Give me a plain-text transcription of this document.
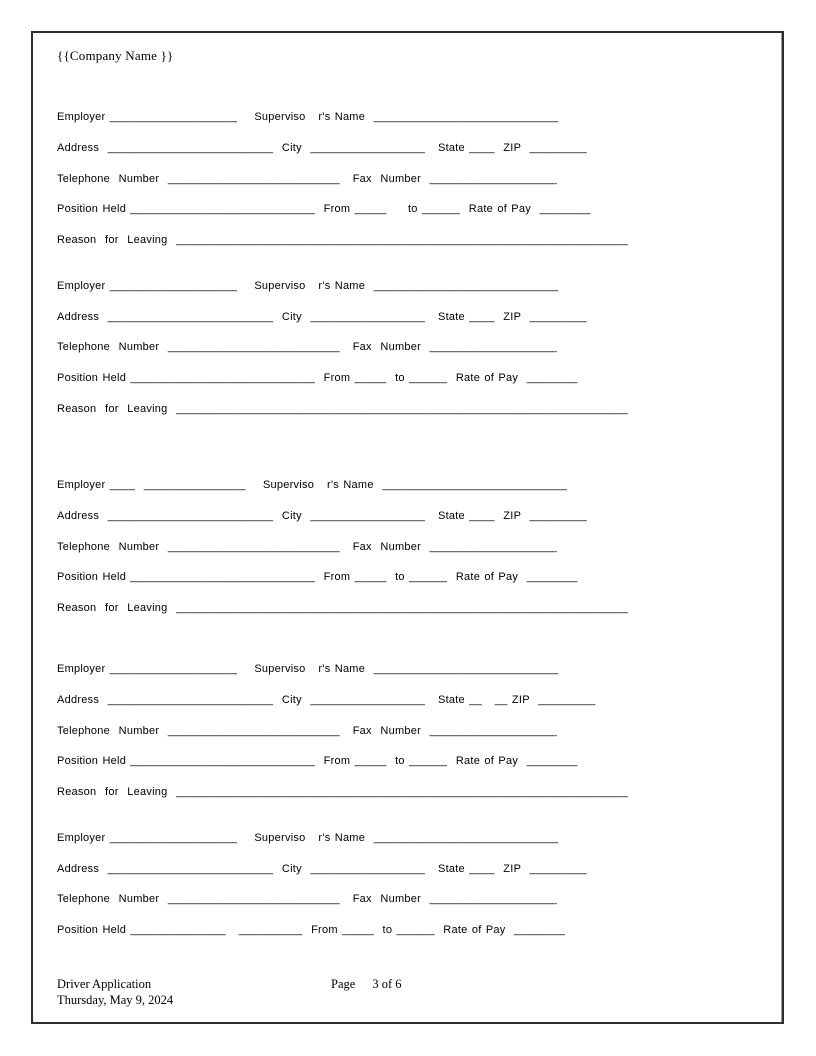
{{Company Name }}
Employer ____________________    Superviso   r's Name  _____________________________
Address  __________________________  City  __________________   State ____  ZIP  _________
Telephone  Number  ___________________________   Fax  Number  ____________________
Position Held _____________________________  From _____     to ______  Rate of Pay  ________
Reason  for  Leaving  _______________________________________________________________________
Employer ____________________    Superviso   r's Name  _____________________________
Address  __________________________  City  __________________   State ____  ZIP  _________
Telephone  Number  ___________________________   Fax  Number  ____________________
Position Held _____________________________  From _____  to ______  Rate of Pay  ________
Reason  for  Leaving  _______________________________________________________________________
Employer ____  ________________    Superviso   r's Name  _____________________________
Address  __________________________  City  __________________   State ____  ZIP  _________
Telephone  Number  ___________________________   Fax  Number  ____________________
Position Held _____________________________  From _____  to ______  Rate of Pay  ________
Reason  for  Leaving  _______________________________________________________________________
Employer ____________________    Superviso   r's Name  _____________________________
Address  __________________________  City  __________________   State __   __ ZIP  _________
Telephone  Number  ___________________________   Fax  Number  ____________________
Position Held _____________________________  From _____  to ______  Rate of Pay  ________
Reason  for  Leaving  _______________________________________________________________________
Employer ____________________    Superviso   r's Name  _____________________________
Address  __________________________  City  __________________   State ____  ZIP  _________
Telephone  Number  ___________________________   Fax  Number  ____________________
Position Held _______________   __________  From _____  to ______  Rate of Pay  ________
Driver Application
Thursday, May 9, 2024
Page 3 of 6
